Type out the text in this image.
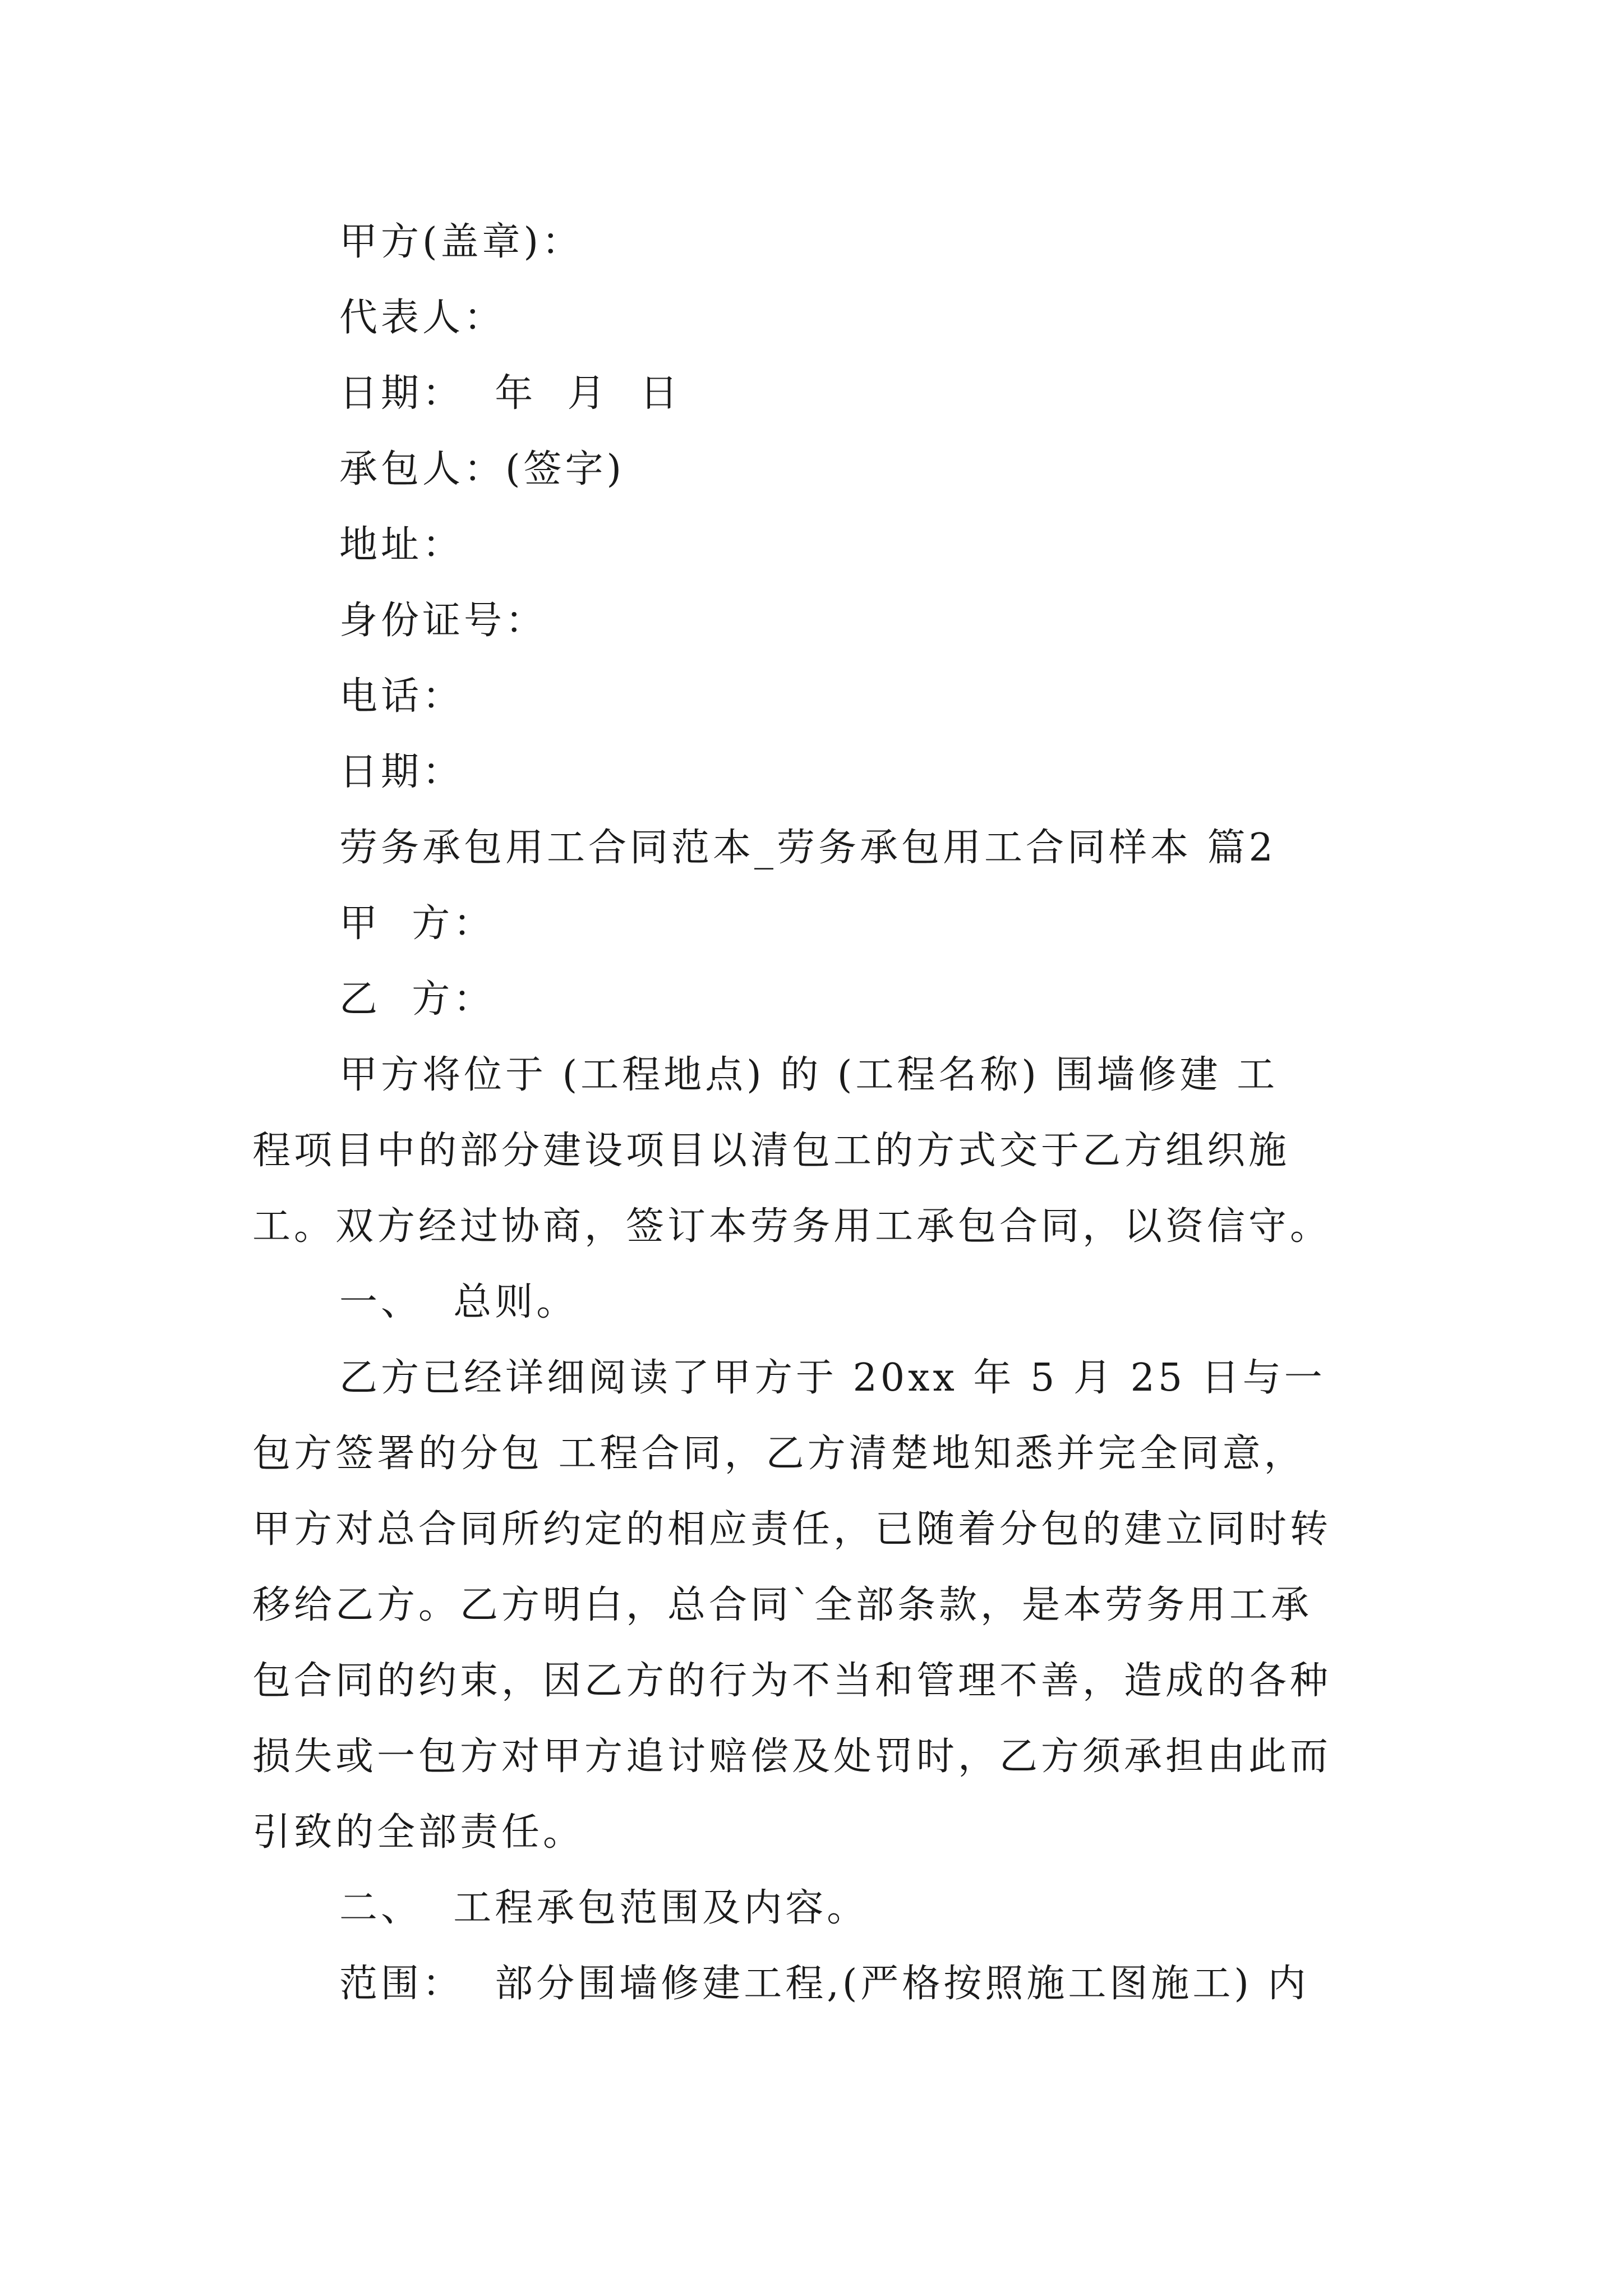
甲方(盖章)：
代表人：
日期：  年  月  日
承包人：(签字)
地址：
身份证号：
电话：
日期：
劳务承包用工合同范本_劳务承包用工合同样本 篇2
甲  方：
乙  方：
甲方将位于 (工程地点) 的 (工程名称) 围墙修建 工
程项目中的部分建设项目以清包工的方式交于乙方组织施
工。双方经过协商，签订本劳务用工承包合同，以资信守。
一、  总则。
乙方已经详细阅读了甲方于 20xx 年 5 月 25 日与一
包方签署的分包 工程合同，乙方清楚地知悉并完全同意，
甲方对总合同所约定的相应责任，已随着分包的建立同时转
移给乙方。乙方明白，总合同`全部条款，是本劳务用工承
包合同的约束，因乙方的行为不当和管理不善，造成的各种
损失或一包方对甲方追讨赔偿及处罚时，乙方须承担由此而
引致的全部责任。
二、  工程承包范围及内容。
范围：  部分围墙修建工程,(严格按照施工图施工) 内
